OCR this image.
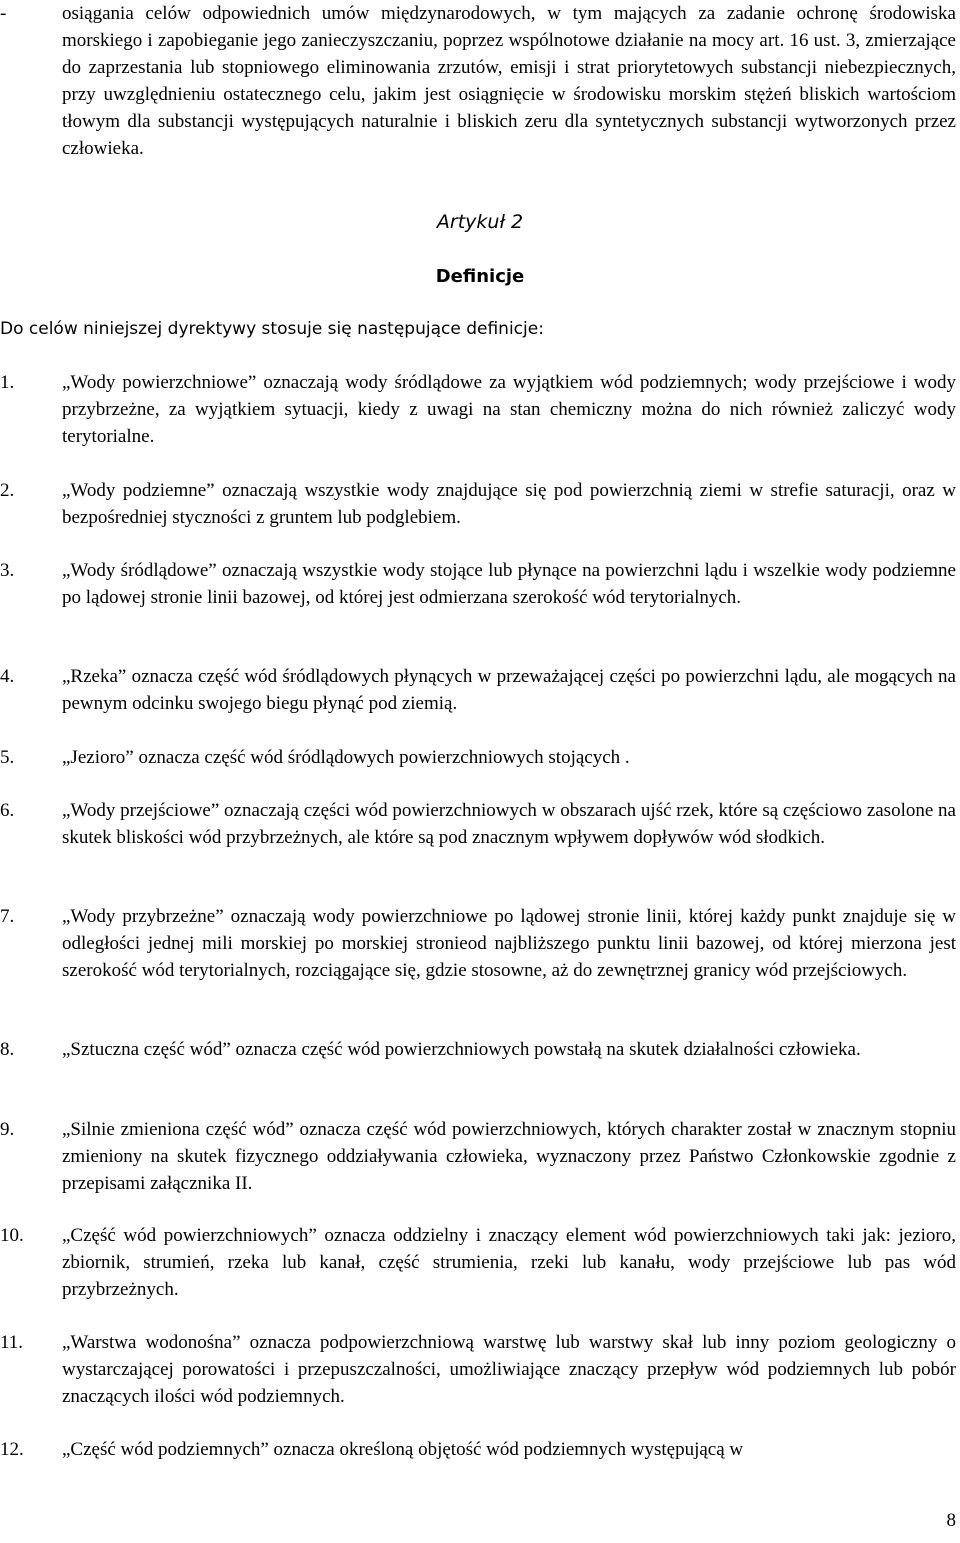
-	osiągania celów odpowiednich umów międzynarodowych, w tym mających za zadanie ochronę środowiska morskiego i zapobieganie jego zanieczyszczaniu, poprzez wspólnotowe działanie na mocy art. 16 ust. 3, zmierzające do zaprzestania lub stopniowego eliminowania zrzutów, emisji i strat priorytetowych substancji niebezpiecznych, przy uwzględnieniu ostatecznego celu, jakim jest osiągnięcie w środowisku morskim stężeń bliskich wartościom tłowym dla substancji występujących naturalnie i bliskich zeru dla syntetycznych substancji wytworzonych przez człowieka.
Artykuł 2
Definicje
Do celów niniejszej dyrektywy stosuje się następujące definicje:
1.	„Wody powierzchniowe” oznaczają wody śródlądowe za wyjątkiem wód podziemnych; wody przejściowe i wody przybrzeżne, za wyjątkiem sytuacji, kiedy z uwagi na stan chemiczny można do nich również zaliczyć wody terytorialne.
2.	„Wody podziemne” oznaczają wszystkie wody znajdujące się pod powierzchnią ziemi w strefie saturacji, oraz w bezpośredniej styczności z gruntem lub podglebiem.
3.	„Wody śródlądowe” oznaczają wszystkie wody stojące lub płynące na powierzchni lądu i wszelkie wody podziemne po lądowej stronie linii bazowej, od której jest odmierzana szerokość wód terytorialnych.
4.	„Rzeka” oznacza część wód śródlądowych płynących w przeważającej części po powierzchni lądu, ale mogących na pewnym odcinku swojego biegu płynąć pod ziemią.
5.	„Jezioro” oznacza część wód śródlądowych powierzchniowych stojących .
6.	„Wody przejściowe” oznaczają części wód powierzchniowych w obszarach ujść rzek, które są częściowo zasolone na skutek bliskości wód przybrzeżnych, ale które są pod znacznym wpływem dopływów wód słodkich.
7.	„Wody przybrzeżne” oznaczają wody powierzchniowe po lądowej stronie linii, której każdy punkt znajduje się w odległości jednej mili morskiej po morskiej stronieod najbliższego punktu linii bazowej, od której mierzona jest szerokość wód terytorialnych, rozciągające się, gdzie stosowne, aż do zewnętrznej granicy wód przejściowych.
8.	„Sztuczna część wód” oznacza część wód powierzchniowych powstałą na skutek działalności człowieka.
9.	„Silnie zmieniona część wód” oznacza część wód powierzchniowych, których charakter został w znacznym stopniu zmieniony na skutek fizycznego oddziaływania człowieka, wyznaczony przez Państwo Członkowskie zgodnie z przepisami załącznika II.
10.	„Część wód powierzchniowych” oznacza oddzielny i znaczący element wód powierzchniowych taki jak: jezioro, zbiornik, strumień, rzeka lub kanał, część strumienia, rzeki lub kanału, wody przejściowe lub pas wód przybrzeżnych.
11.	„Warstwa wodonośna” oznacza podpowierzchniową warstwę lub warstwy skał lub inny poziom geologiczny o wystarczającej porowatości i przepuszczalności, umożliwiające znaczący przepływ wód podziemnych lub pobór znaczących ilości wód podziemnych.
12.	„Część wód podziemnych” oznacza określoną objętość wód podziemnych występującą w
8
